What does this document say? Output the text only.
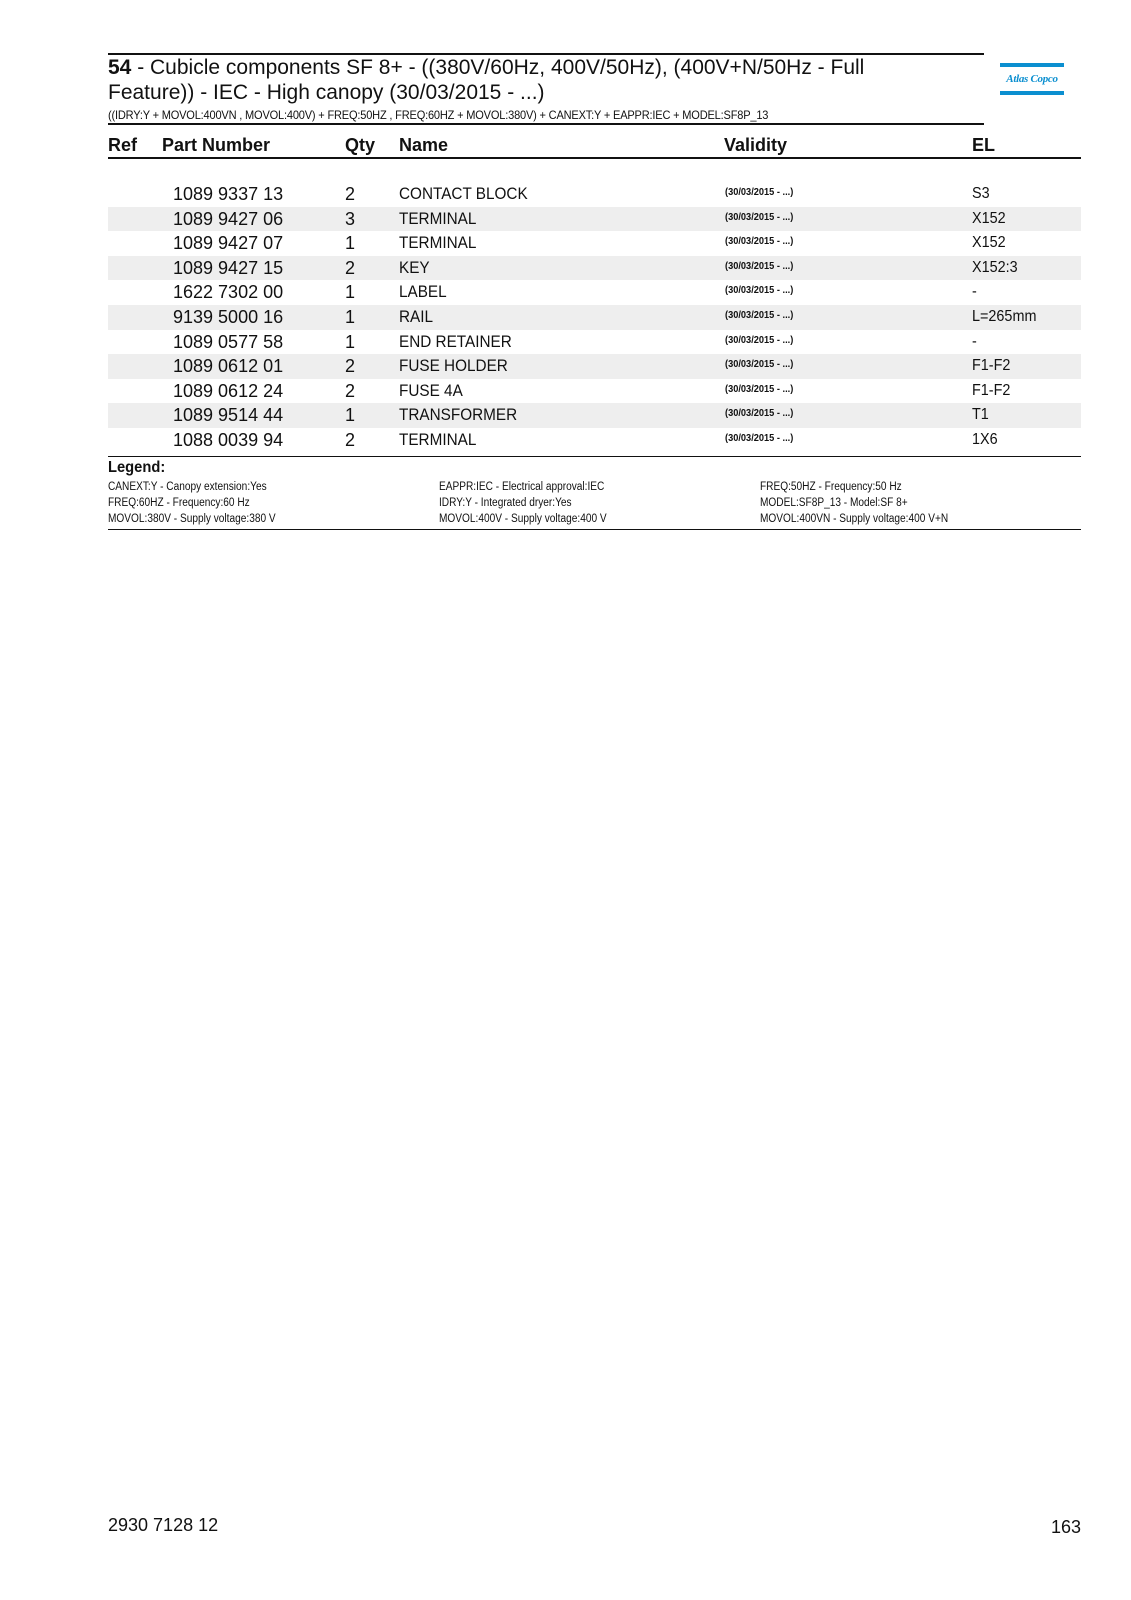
54 - Cubicle components SF 8+ - ((380V/60Hz, 400V/50Hz), (400V+N/50Hz - Full
Feature)) - IEC - High canopy (30/03/2015 - ...)
((IDRY:Y + MOVOL:400VN , MOVOL:400V) + FREQ:50HZ , FREQ:60HZ + MOVOL:380V) + CANEXT:Y + EAPPR:IEC + MODEL:SF8P_13
Atlas Copco
Ref Part Number	Qty Name	Validity	EL
1089 9337 13	2	CONTACT BLOCK	(30/03/2015 - ...)	S3
1089 9427 06	3	TERMINAL	(30/03/2015 - ...)	X152
1089 9427 07	1	TERMINAL	(30/03/2015 - ...)	X152
1089 9427 15	2	KEY	(30/03/2015 - ...)	X152:3
1622 7302 00	1	LABEL	(30/03/2015 - ...)	-
9139 5000 16	1	RAIL	(30/03/2015 - ...)	L=265mm
1089 0577 58	1	END RETAINER	(30/03/2015 - ...)	-
1089 0612 01	2	FUSE HOLDER	(30/03/2015 - ...)	F1-F2
1089 0612 24	2	FUSE 4A	(30/03/2015 - ...)	F1-F2
1089 9514 44	1	TRANSFORMER	(30/03/2015 - ...)	T1
1088 0039 94	2	TERMINAL	(30/03/2015 - ...)	1X6
Legend:
CANEXT:Y - Canopy extension:Yes	EAPPR:IEC - Electrical approval:IEC	FREQ:50HZ - Frequency:50 Hz
FREQ:60HZ - Frequency:60 Hz	IDRY:Y - Integrated dryer:Yes	MODEL:SF8P_13 - Model:SF 8+
MOVOL:380V - Supply voltage:380 V	MOVOL:400V - Supply voltage:400 V	MOVOL:400VN - Supply voltage:400 V+N
2930 7128 12	163
